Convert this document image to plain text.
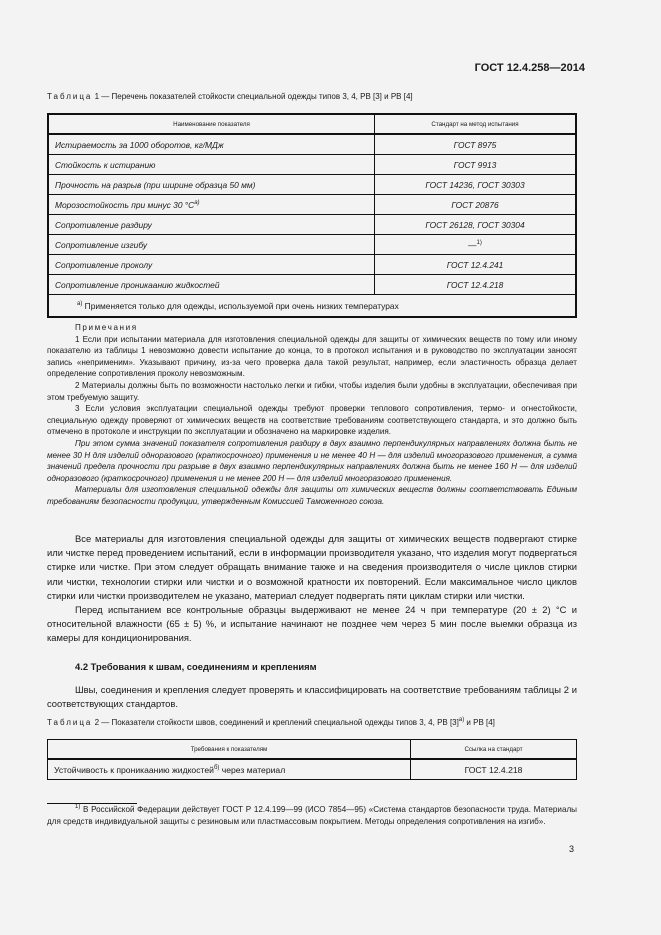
ГОСТ 12.4.258—2014
Таблица 1 — Перечень показателей стойкости специальной одежды типов 3, 4, PB [3] и PB [4]
Наименование показателя	Стандарт на метод испытания
Истираемость за 1000 оборотов, кг/МДж	ГОСТ 8975
Стойкость к истиранию	ГОСТ 9913
Прочность на разрыв (при ширине образца 50 мм)	ГОСТ 14236, ГОСТ 30303
Морозостойкость при минус 30 $^\circ С^{а)}$	ГОСТ 20876
Сопротивление раздиру	ГОСТ 26128, ГОСТ 30304
Сопротивление изгибу	—$^{1)}$
Сопротивление проколу	ГОСТ 12.4.241
Сопротивление проникаанию жидкостей	ГОСТ 12.4.218
$^{а)}$ Применяется только для одежды, используемой при очень низких температурах	

Примечания

1 Если при испытании материала для изготовления специальной одежды для защиты от химических веществ по тому или иному показателю из таблицы 1 невозможно довести испытание до конца, то в протокол испытания и в руководство по эксплуатации заносят запись «неприменим». Указывают причину, из-за чего проверка дала такой результат, например, если эластичность образца делает определение сопротивления проколу невозможным.

2 Материалы должны быть по возможности настолько легки и гибки, чтобы изделия были удобны в эксплуатации, обеспечивая при этом требуемую защиту.

3 Если условия эксплуатации специальной одежды требуют проверки теплового сопротивления, термо- и огнестойкости, специальную одежду проверяют от химических веществ на соответствие требованиям соответствующего стандарта, и это должно быть отмечено в протоколе и инструкции по эксплуатации и обозначено на маркировке изделия.

При этом сумма значений показателя сопротивления раздиру в двух взаимно перпендикулярных направлениях должна быть не менее 30 Н для изделий одноразового (краткосрочного) применения и не менее 40 Н — для изделий многоразового применения, а сумма значений предела прочности при разрыве в двух взаимно перпендикулярных направлениях должна быть не менее 160 Н — для изделий одноразового (краткосрочного) применения и не менее 200 Н — для изделий многоразового применения.

Материалы для изготовления специальной одежды для защиты от химических веществ должны соответствовать Единым требованиям безопасности продукции, утвержденным Комиссией Таможенного союза.

Все материалы для изготовления специальной одежды для защиты от химических веществ подвергают стирке или чистке перед проведением испытаний, если в информации производителя указано, что изделия могут подвергаться стирке или чистке. При этом следует обращать внимание также и на сведения производителя о числе циклов стирки или чистки, технологии стирки или чистки и о возможной кратности их повторений. Если максимальное число циклов стирки или чистки производителем не указано, материал следует подвергать пяти циклам стирки или чистки.

Перед испытанием все контрольные образцы выдерживают не менее 24 ч при температуре (20 ± 2) °С и относительной влажности (65 ± 5) %, и испытание начинают не позднее чем через 5 мин после выемки образца из камеры для кондиционирования.

4.2 Требования к швам, соединениям и креплениям

Швы, соединения и крепления следует проверять и классифицировать на соответствие требованиям таблицы 2 и соответствующих стандартов.

Таблица 2 — Показатели стойкости швов, соединений и креплений специальной одежды типов 3, 4, PB $[3]^{а)}$ и PB [4]
Требования к показателям	Ссылка на стандарт
Устойчивость к проникаанию жидкостей$^{б)}$ через материал	ГОСТ 12.4.218

$^{1)}$ В Российской Федерации действует ГОСТ Р 12.4.199—99 (ИСО 7854—95) «Система стандартов безопасности труда. Материалы для средств индивидуальной защиты с резиновым или пластмассовым покрытием. Методы определения сопротивления на изгиб».

3
